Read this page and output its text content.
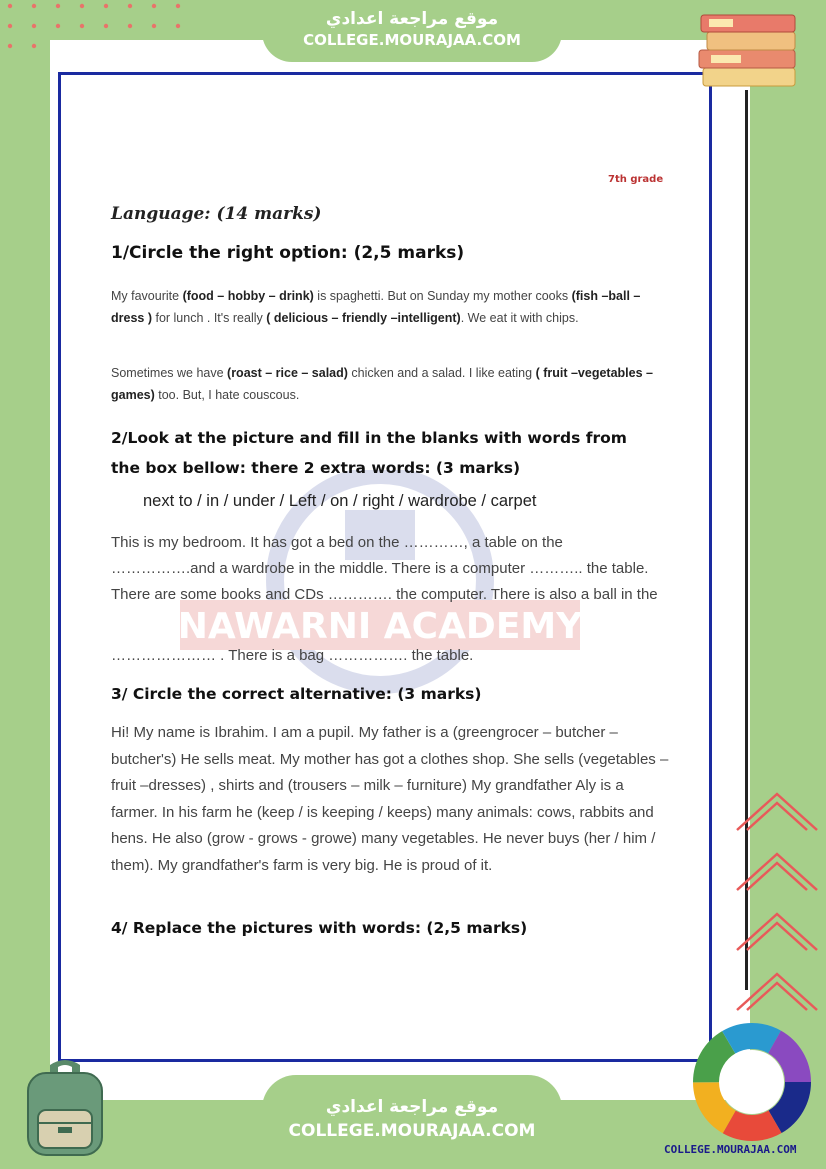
موقع مراجعة اعدادي
COLLEGE.MOURAJAA.COM
NAWARNI ACADEMY
7th grade
Language: (14 marks)
1/Circle the right option: (2,5 marks)
My favourite (food – hobby – drink) is spaghetti. But on Sunday my mother cooks (fish –ball – dress ) for lunch . It's really ( delicious – friendly –intelligent). We eat it with chips.
Sometimes we have (roast – rice – salad) chicken and a salad. I like eating ( fruit –vegetables – games) too. But, I hate couscous.
2/Look at the picture and fill in the blanks with words from the box bellow: there 2 extra words: (3 marks)
next to / in / under / Left / on / right / wardrobe / carpet
This is my bedroom. It has got a bed on the …………, a table on the …………….and a wardrobe in the middle. There is a computer ……….. the table. There are some books and CDs …………. the computer. There is also a ball in the
………………… . There is a bag ……………. the table.
3/ Circle the correct alternative: (3 marks)
Hi! My name is Ibrahim. I am a pupil. My father is a (greengrocer – butcher –butcher's) He sells meat. My mother has got a clothes shop. She sells (vegetables – fruit –dresses) , shirts and (trousers – milk – furniture) My grandfather Aly is a farmer. In his farm he (keep / is keeping / keeps) many animals: cows, rabbits and hens. He also (grow - grows - growe) many vegetables. He never buys (her / him / them). My grandfather's farm is very big. He is proud of it.
4/ Replace the pictures with words: (2,5 marks)
موقع مراجعة اعدادي
COLLEGE.MOURAJAA.COM
COLLEGE.MOURAJAA.COM
